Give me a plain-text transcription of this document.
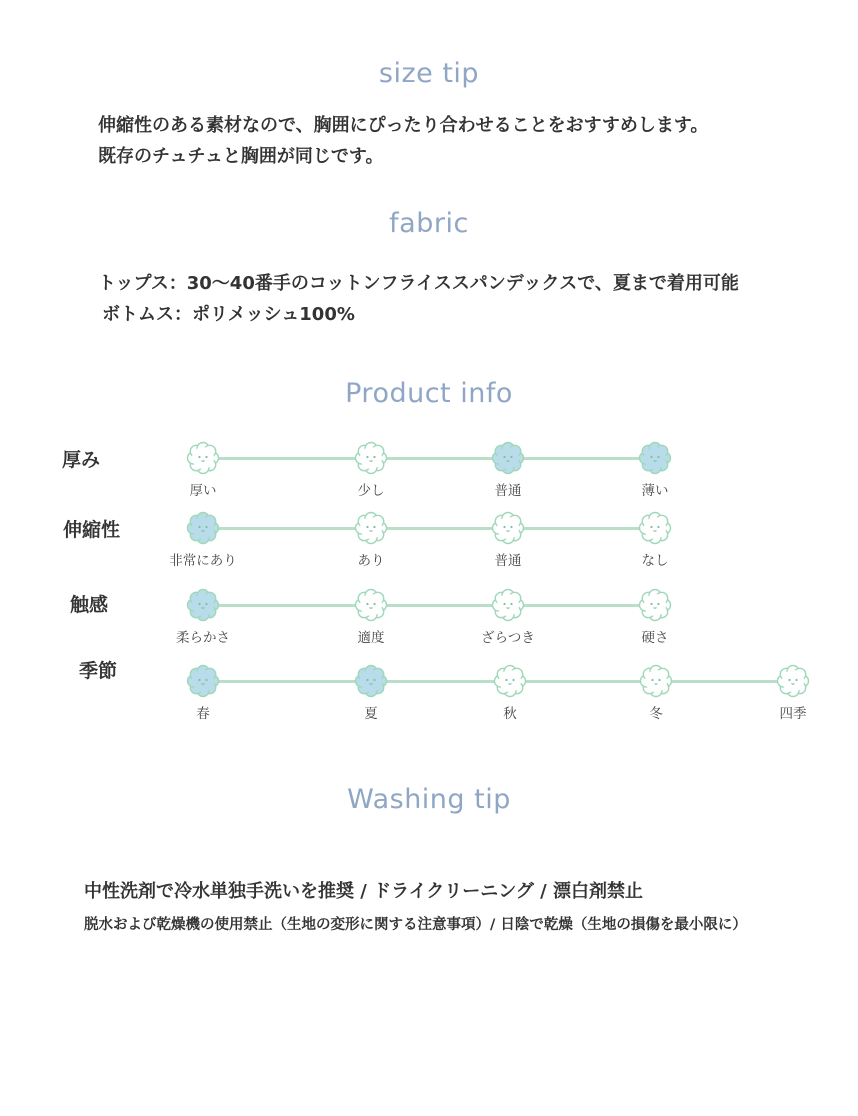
size tip
伸縮性のある素材なので、胸囲にぴったり合わせることをおすすめします。
既存のチュチュと胸囲が同じです。
fabric
トップス：30〜40番手のコットンフライススパンデックスで、夏まで着用可能
ボトムス：ポリメッシュ100%
Product info
厚み
厚い	少し	普通	薄い
伸縮性
非常にあり	あり	普通	なし
触感
柔らかさ	適度	ざらつき	硬さ
季節
春	夏	秋	冬	四季
Washing tip
中性洗剤で冷水単独手洗いを推奨 / ドライクリーニング / 漂白剤禁止
脱水および乾燥機の使用禁止（生地の変形に関する注意事項）/ 日陰で乾燥（生地の損傷を最小限に）
